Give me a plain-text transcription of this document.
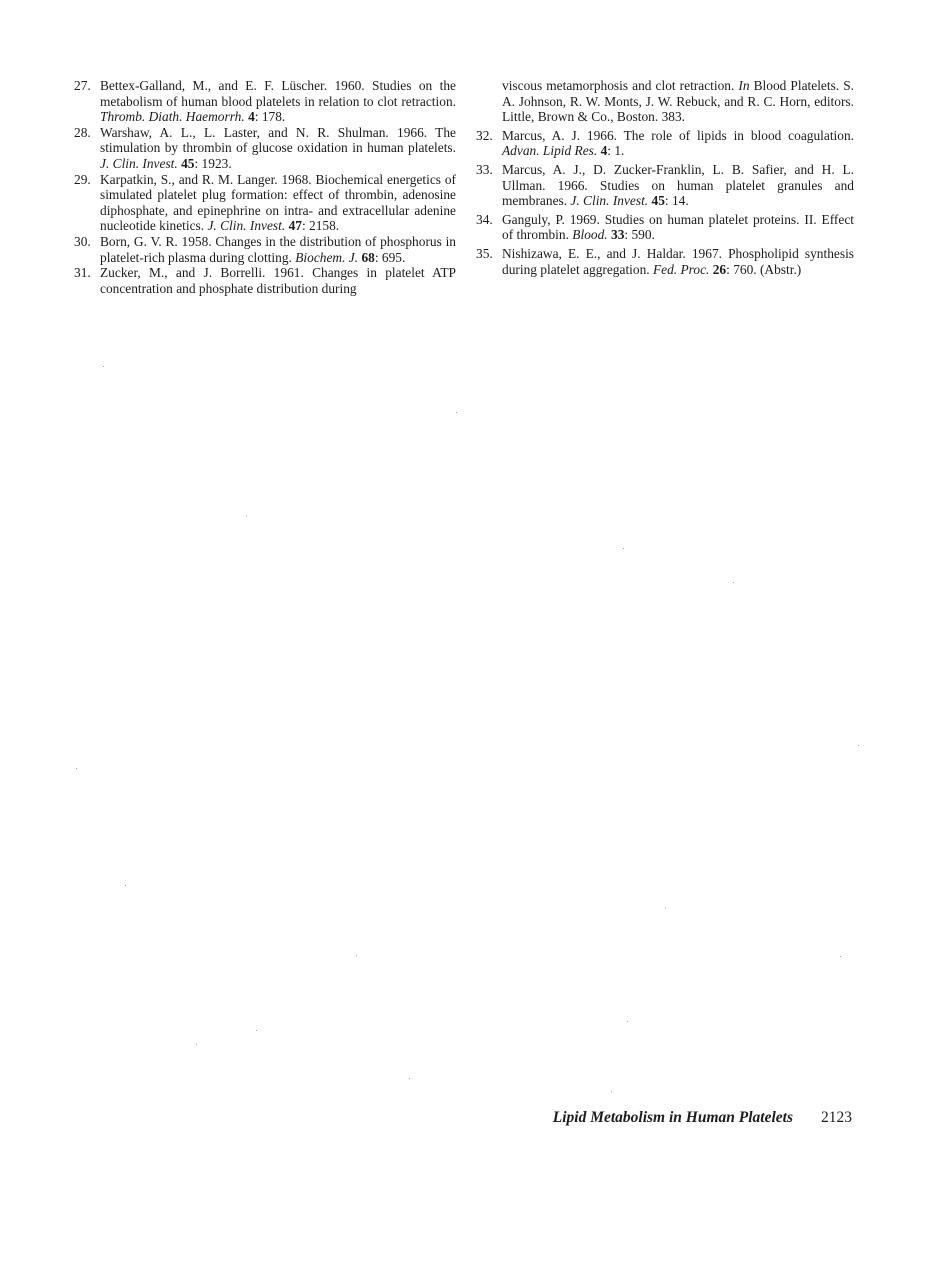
27. Bettex-Galland, M., and E. F. Lüscher. 1960. Studies on the metabolism of human blood platelets in relation to clot retraction. Thromb. Diath. Haemorrh. 4: 178.
28. Warshaw, A. L., L. Laster, and N. R. Shulman. 1966. The stimulation by thrombin of glucose oxidation in human platelets. J. Clin. Invest. 45: 1923.
29. Karpatkin, S., and R. M. Langer. 1968. Biochemical energetics of simulated platelet plug formation: effect of thrombin, adenosine diphosphate, and epinephrine on intra- and extracellular adenine nucleotide kinetics. J. Clin. Invest. 47: 2158.
30. Born, G. V. R. 1958. Changes in the distribution of phosphorus in platelet-rich plasma during clotting. Biochem. J. 68: 695.
31. Zucker, M., and J. Borrelli. 1961. Changes in platelet ATP concentration and phosphate distribution during
viscous metamorphosis and clot retraction. In Blood Platelets. S. A. Johnson, R. W. Monts, J. W. Rebuck, and R. C. Horn, editors. Little, Brown & Co., Boston. 383.
32. Marcus, A. J. 1966. The role of lipids in blood coagulation. Advan. Lipid Res. 4: 1.
33. Marcus, A. J., D. Zucker-Franklin, L. B. Safier, and H. L. Ullman. 1966. Studies on human platelet granules and membranes. J. Clin. Invest. 45: 14.
34. Ganguly, P. 1969. Studies on human platelet proteins. II. Effect of thrombin. Blood. 33: 590.
35. Nishizawa, E. E., and J. Haldar. 1967. Phospholipid synthesis during platelet aggregation. Fed. Proc. 26: 760. (Abstr.)
Lipid Metabolism in Human Platelets 2123
